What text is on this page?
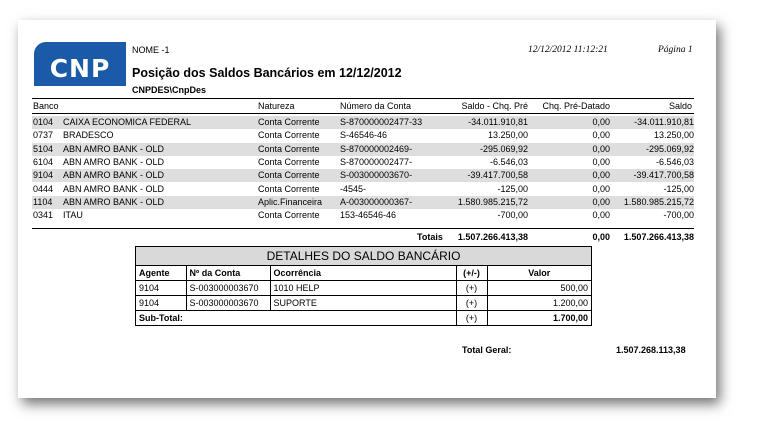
CNP
NOME -1
Posição dos Saldos Bancários em 12/12/2012
CNPDES\CnpDes
12/12/2012 11:12:21	Página 1
Banco	Natureza	Número da Conta	Saldo - Chq. Pré	Chq. Pré-Datado	Saldo
0104 CAIXA ECONOMICA FEDERAL	Conta Corrente S-870000002477-33	-34.011.910,81	0,00	-34.011.910,81
0737 BRADESCO	Conta Corrente S-46546-46	13.250,00	0,00	13.250,00
5104 ABN AMRO BANK - OLD	Conta Corrente S-870000002469-	-295.069,92	0,00	-295.069,92
6104 ABN AMRO BANK - OLD	Conta Corrente S-870000002477-	-6.546,03	0,00	-6.546,03
9104 ABN AMRO BANK - OLD	Conta Corrente S-003000003670-	-39.417.700,58	0,00	-39.417.700,58
0444 ABN AMRO BANK - OLD	Conta Corrente -4545-	-125,00	0,00	-125,00
1104 ABN AMRO BANK - OLD	Aplic.Financeira A-003000000367-	1.580.985.215,72	0,00	1.580.985.215,72
0341 ITAU	Conta Corrente 153-46546-46	-700,00	0,00	-700,00
Totais	1.507.266.413,38	0,00	1.507.266.413,38
DETALHES DO SALDO BANCÁRIO
Agente	Nº da Conta	Ocorrência	(+/-)	Valor
9104	S-003000003670	1010 HELP	(+)	500,00
9104	S-003000003670	SUPORTE	(+)	1.200,00
Sub-Total:			(+)	1.700,00
Total Geral:	1.507.268.113,38
